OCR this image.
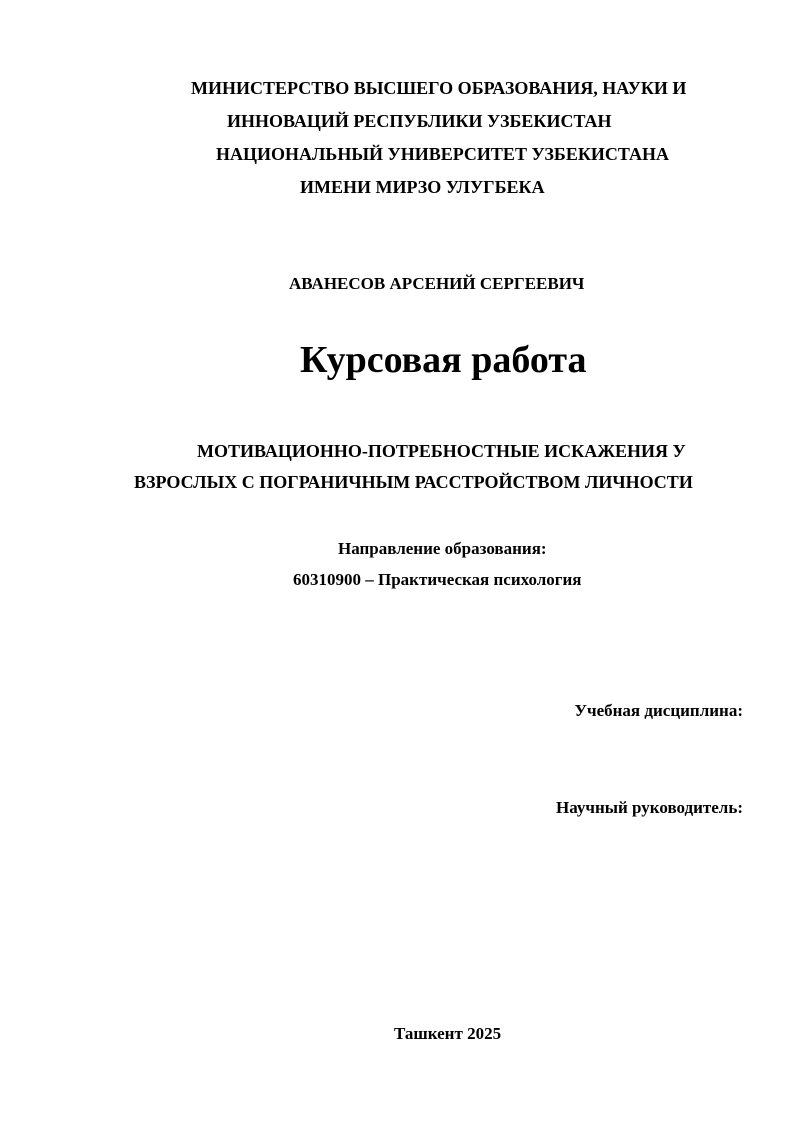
МИНИСТЕРСТВО ВЫСШЕГО ОБРАЗОВАНИЯ, НАУКИ И
ИННОВАЦИЙ РЕСПУБЛИКИ УЗБЕКИСТАН
НАЦИОНАЛЬНЫЙ УНИВЕРСИТЕТ УЗБЕКИСТАНА
ИМЕНИ МИРЗО УЛУГБЕКА
АВАНЕСОВ АРСЕНИЙ СЕРГЕЕВИЧ
Курсовая работа
МОТИВАЦИОННО-ПОТРЕБНОСТНЫЕ ИСКАЖЕНИЯ У
ВЗРОСЛЫХ С ПОГРАНИЧНЫМ РАССТРОЙСТВОМ ЛИЧНОСТИ
Направление образования:
60310900 – Практическая психология
Учебная дисциплина:
Научный руководитель:
Ташкент 2025
